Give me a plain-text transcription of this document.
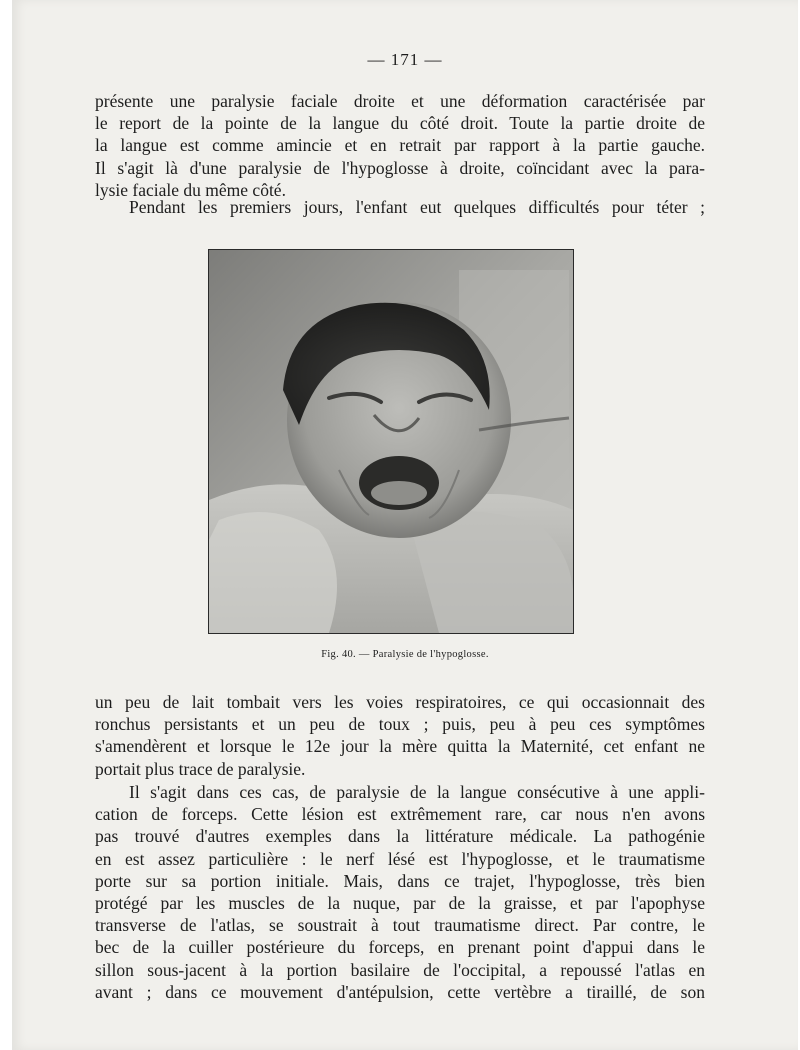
— 171 —

présente une paralysie faciale droite et une déformation caractérisée par
le report de la pointe de la langue du côté droit. Toute la partie droite de
la langue est comme amincie et en retrait par rapport à la partie gauche.
Il s'agit là d'une paralysie de l'hypoglosse à droite, coïncidant avec la para-
lysie faciale du même côté.

Pendant les premiers jours, l'enfant eut quelques difficultés pour téter ;

Fig. 40. — Paralysie de l'hypoglosse.

un peu de lait tombait vers les voies respiratoires, ce qui occasionnait des
ronchus persistants et un peu de toux ; puis, peu à peu ces symptômes
s'amendèrent et lorsque le 12e jour la mère quitta la Maternité, cet enfant ne
portait plus trace de paralysie.

Il s'agit dans ces cas, de paralysie de la langue consécutive à une appli-
cation de forceps. Cette lésion est extrêmement rare, car nous n'en avons
pas trouvé d'autres exemples dans la littérature médicale. La pathogénie
en est assez particulière : le nerf lésé est l'hypoglosse, et le traumatisme
porte sur sa portion initiale. Mais, dans ce trajet, l'hypoglosse, très bien
protégé par les muscles de la nuque, par de la graisse, et par l'apophyse
transverse de l'atlas, se soustrait à tout traumatisme direct. Par contre, le
bec de la cuiller postérieure du forceps, en prenant point d'appui dans le
sillon sous-jacent à la portion basilaire de l'occipital, a repoussé l'atlas en
avant ; dans ce mouvement d'antépulsion, cette vertèbre a tiraillé, de son
